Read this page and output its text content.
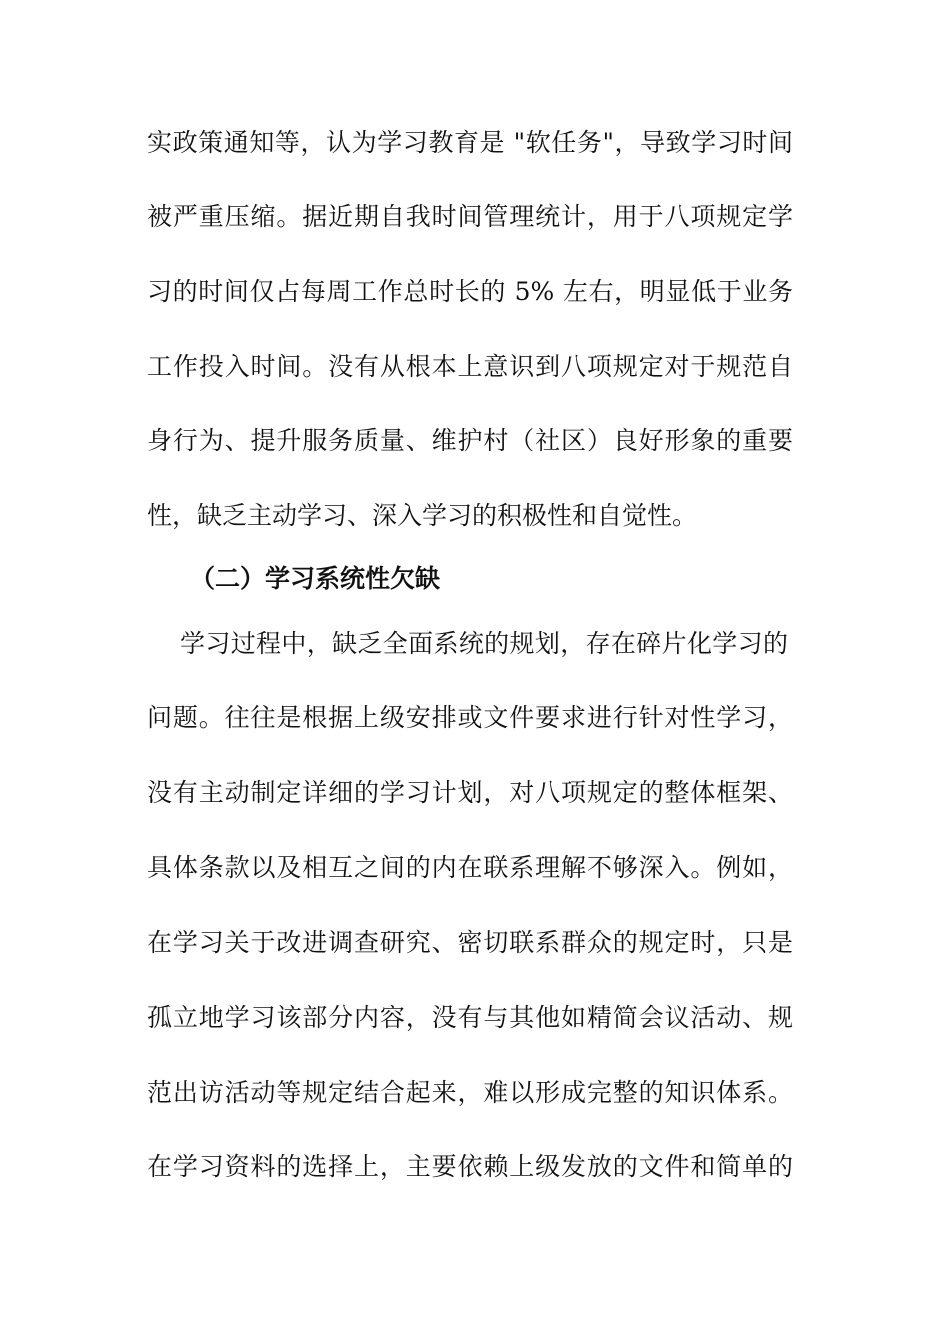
实政策通知等，认为学习教育是 "软任务"，导致学习时间
被严重压缩。据近期自我时间管理统计，用于八项规定学
习的时间仅占每周工作总时长的 5% 左右，明显低于业务
工作投入时间。没有从根本上意识到八项规定对于规范自
身行为、提升服务质量、维护村（社区）良好形象的重要
性，缺乏主动学习、深入学习的积极性和自觉性。
（二）学习系统性欠缺
学习过程中，缺乏全面系统的规划，存在碎片化学习的
问题。往往是根据上级安排或文件要求进行针对性学习，
没有主动制定详细的学习计划，对八项规定的整体框架、
具体条款以及相互之间的内在联系理解不够深入。例如，
在学习关于改进调查研究、密切联系群众的规定时，只是
孤立地学习该部分内容，没有与其他如精简会议活动、规
范出访活动等规定结合起来，难以形成完整的知识体系。
在学习资料的选择上，主要依赖上级发放的文件和简单的
